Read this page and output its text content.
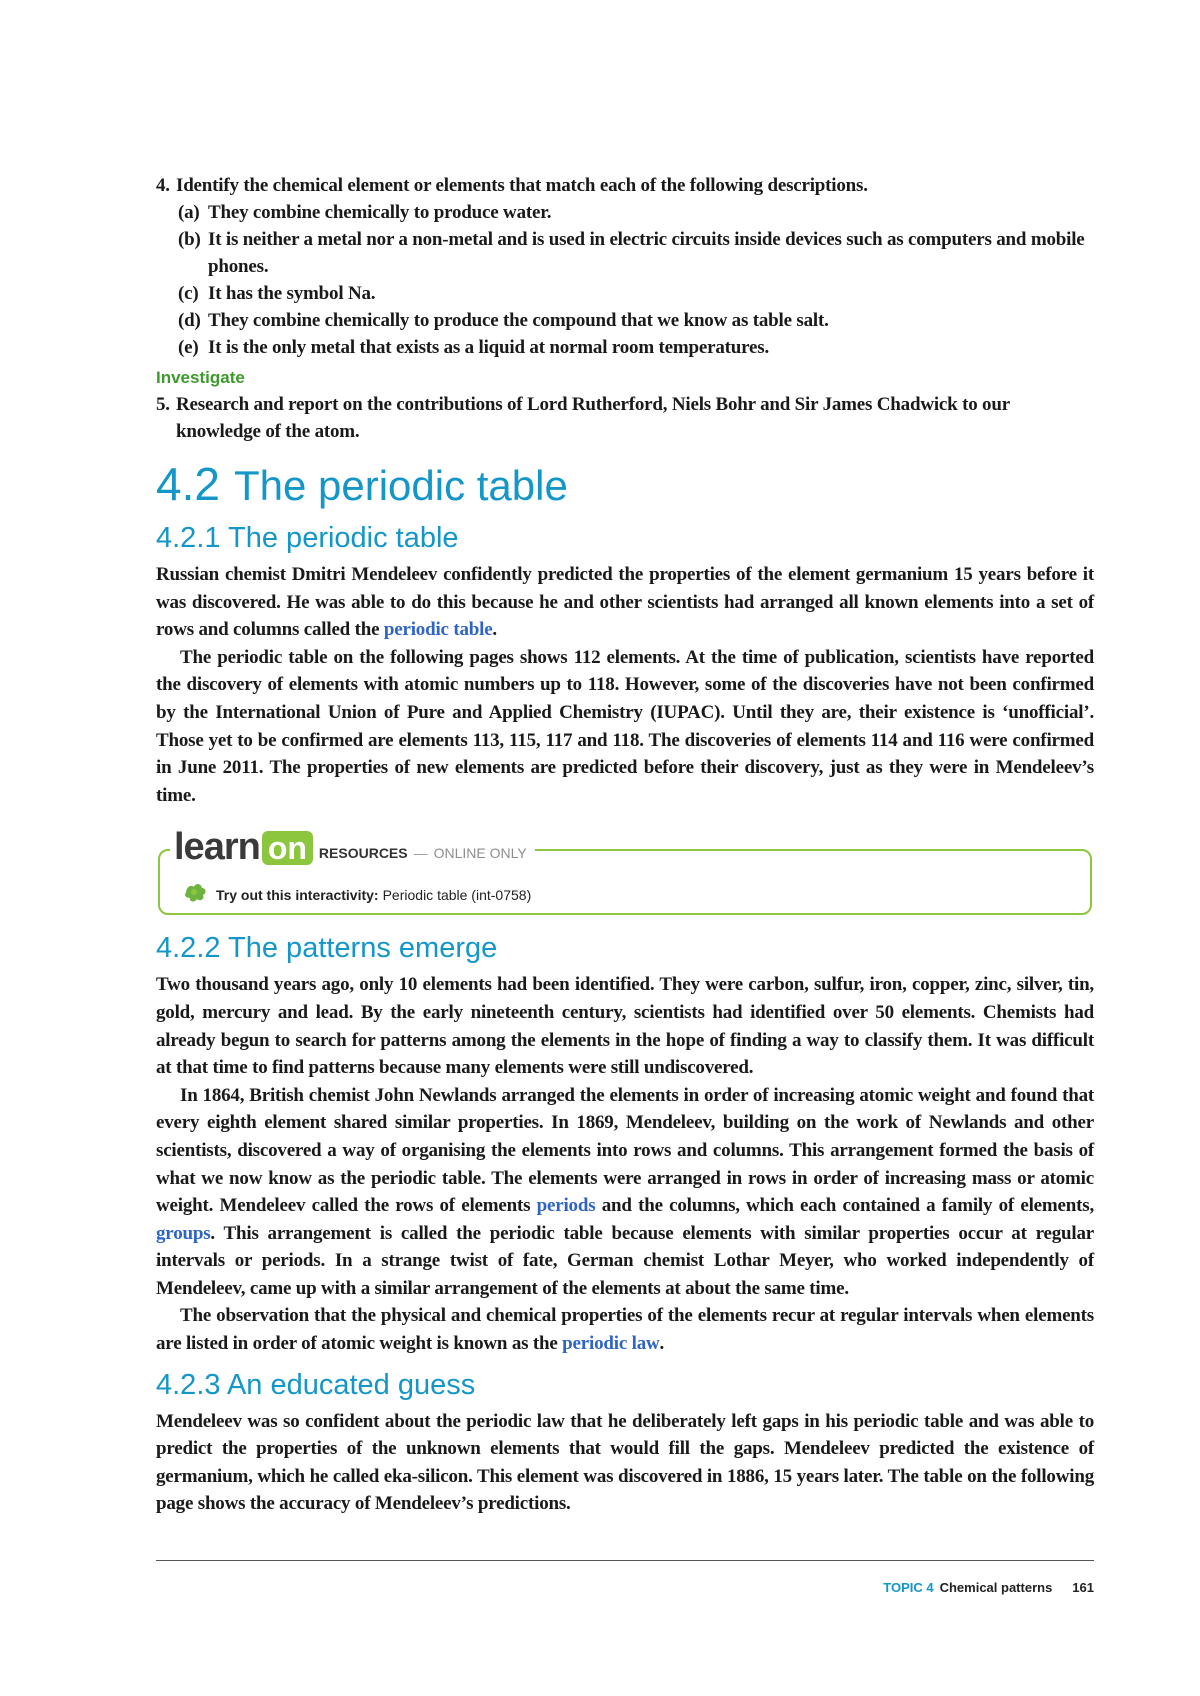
4. Identify the chemical element or elements that match each of the following descriptions.
(a) They combine chemically to produce water.
(b) It is neither a metal nor a non-metal and is used in electric circuits inside devices such as computers and mobile phones.
(c) It has the symbol Na.
(d) They combine chemically to produce the compound that we know as table salt.
(e) It is the only metal that exists as a liquid at normal room temperatures.
Investigate
5. Research and report on the contributions of Lord Rutherford, Niels Bohr and Sir James Chadwick to our knowledge of the atom.
4.2 The periodic table
4.2.1 The periodic table

Russian chemist Dmitri Mendeleev confidently predicted the properties of the element germanium 15 years before it was discovered. He was able to do this because he and other scientists had arranged all known elements into a set of rows and columns called the periodic table.

The periodic table on the following pages shows 112 elements. At the time of publication, scientists have reported the discovery of elements with atomic numbers up to 118. However, some of the discoveries have not been confirmed by the International Union of Pure and Applied Chemistry (IUPAC). Until they are, their existence is ‘unofficial’. Those yet to be confirmed are elements 113, 115, 117 and 118. The discoveries of elements 114 and 116 were confirmed in June 2011. The properties of new elements are predicted before their discovery, just as they were in Mendeleev’s time.

learn on RESOURCES — ONLINE ONLY
Try out this interactivity: Periodic table (int-0758)
4.2.2 The patterns emerge

Two thousand years ago, only 10 elements had been identified. They were carbon, sulfur, iron, copper, zinc, silver, tin, gold, mercury and lead. By the early nineteenth century, scientists had identified over 50 elements. Chemists had already begun to search for patterns among the elements in the hope of finding a way to classify them. It was difficult at that time to find patterns because many elements were still undiscovered.

In 1864, British chemist John Newlands arranged the elements in order of increasing atomic weight and found that every eighth element shared similar properties. In 1869, Mendeleev, building on the work of Newlands and other scientists, discovered a way of organising the elements into rows and columns. This arrangement formed the basis of what we now know as the periodic table. The elements were arranged in rows in order of increasing mass or atomic weight. Mendeleev called the rows of elements periods and the columns, which each contained a family of elements, groups. This arrangement is called the periodic table because elements with similar properties occur at regular intervals or periods. In a strange twist of fate, German chemist Lothar Meyer, who worked independently of Mendeleev, came up with a similar arrangement of the elements at about the same time.

The observation that the physical and chemical properties of the elements recur at regular intervals when elements are listed in order of atomic weight is known as the periodic law.

4.2.3 An educated guess

Mendeleev was so confident about the periodic law that he deliberately left gaps in his periodic table and was able to predict the properties of the unknown elements that would fill the gaps. Mendeleev predicted the existence of germanium, which he called eka-silicon. This element was discovered in 1886, 15 years later. The table on the following page shows the accuracy of Mendeleev’s predictions.

TOPIC 4 Chemical patterns 161
